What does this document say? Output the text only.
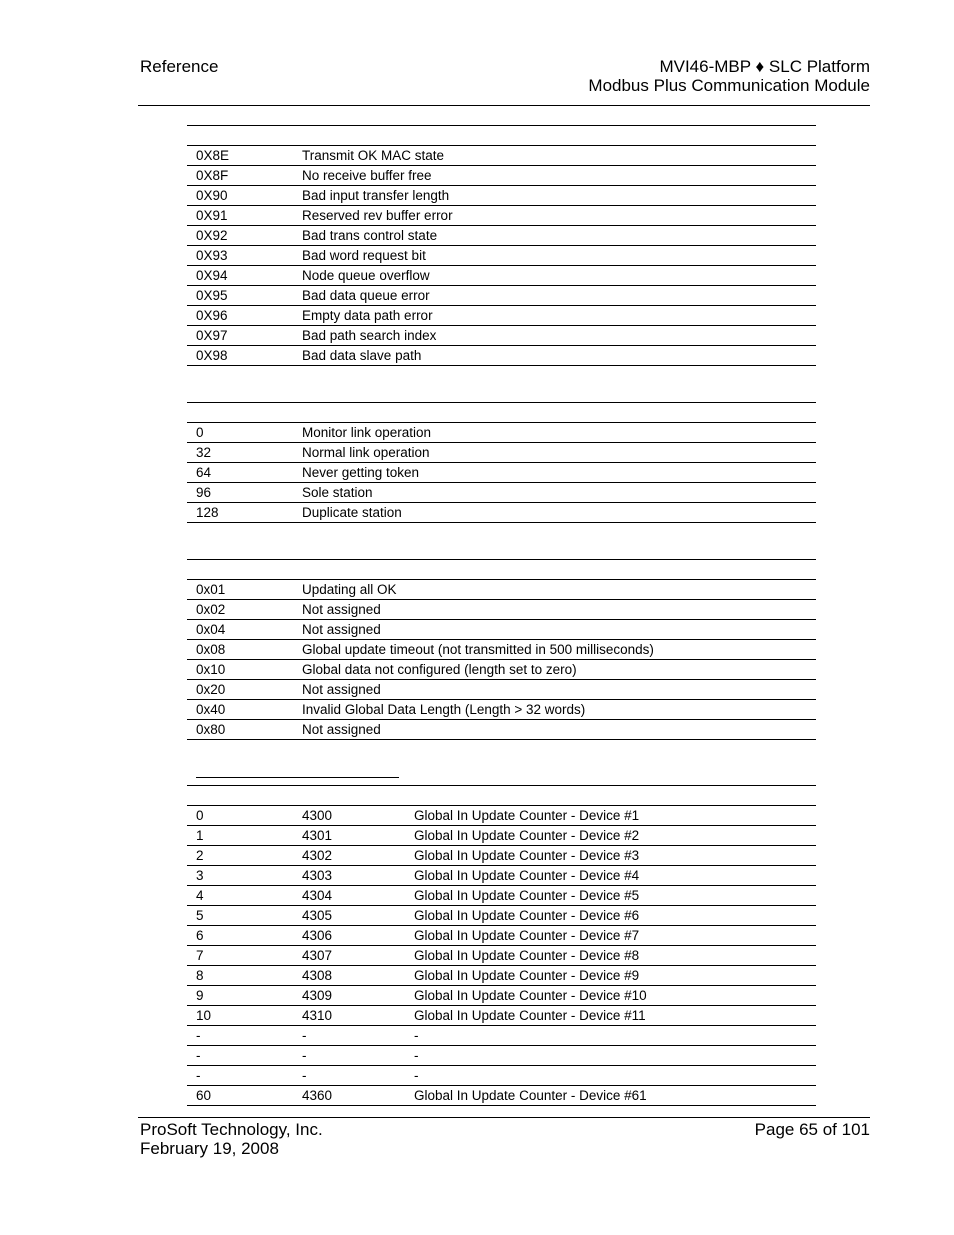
Reference	MVI46-MBP ♦ SLC Platform
Modbus Plus Communication Module
0X8E	Transmit OK MAC state
0X8F	No receive buffer free
0X90	Bad input transfer length
0X91	Reserved rev buffer error
0X92	Bad trans control state
0X93	Bad word request bit
0X94	Node queue overflow
0X95	Bad data queue error
0X96	Empty data path error
0X97	Bad path search index
0X98	Bad data slave path
0	Monitor link operation
32	Normal link operation
64	Never getting token
96	Sole station
128	Duplicate station
0x01	Updating all OK
0x02	Not assigned
0x04	Not assigned
0x08	Global update timeout (not transmitted in 500 milliseconds)
0x10	Global data not configured (length set to zero)
0x20	Not assigned
0x40	Invalid Global Data Length (Length > 32 words)
0x80	Not assigned
0	4300	Global In Update Counter - Device #1
1	4301	Global In Update Counter - Device #2
2	4302	Global In Update Counter - Device #3
3	4303	Global In Update Counter - Device #4
4	4304	Global In Update Counter - Device #5
5	4305	Global In Update Counter - Device #6
6	4306	Global In Update Counter - Device #7
7	4307	Global In Update Counter - Device #8
8	4308	Global In Update Counter - Device #9
9	4309	Global In Update Counter - Device #10
10	4310	Global In Update Counter - Device #11
-	-	-
-	-	-
-	-	-
60	4360	Global In Update Counter - Device #61
ProSoft Technology, Inc.
February 19, 2008
Page 65 of 101
